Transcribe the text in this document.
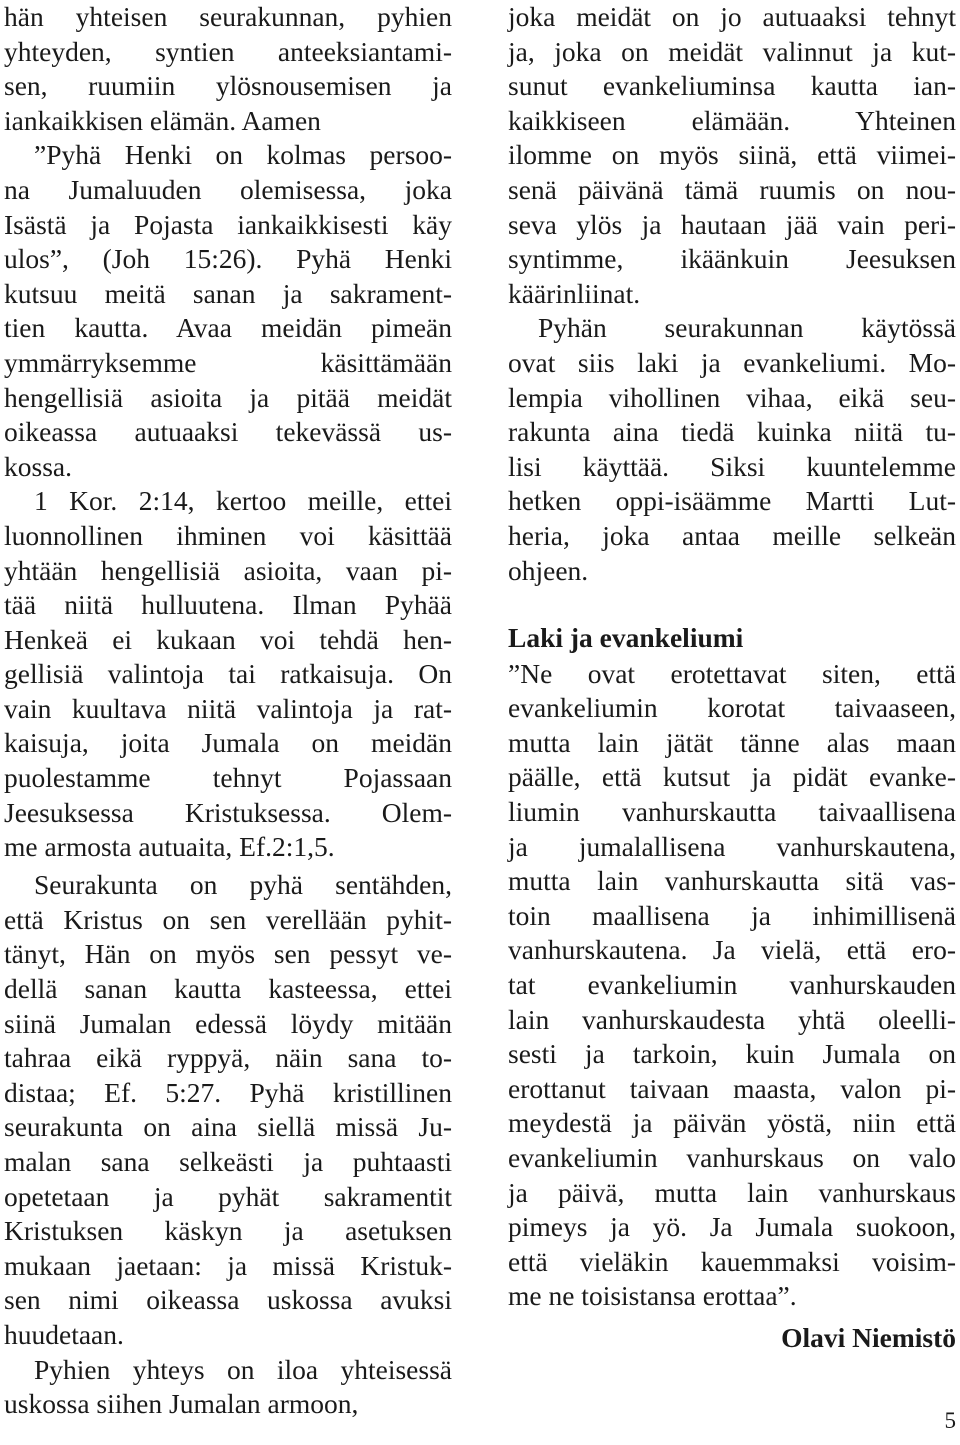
hän yhteisen seurakunnan, pyhien
yhteyden, syntien anteeksiantami-
sen, ruumiin ylösnousemisen ja
iankaikkisen elämän. Aamen
”Pyhä Henki on kolmas persoo-
na Jumaluuden olemisessa, joka
Isästä ja Pojasta iankaikkisesti käy
ulos”, (Joh 15:26). Pyhä Henki
kutsuu meitä sanan ja sakrament-
tien kautta. Avaa meidän pimeän
ymmärryksemme käsittämään
hengellisiä asioita ja pitää meidät
oikeassa autuaaksi tekevässä us-
kossa.
1 Kor. 2:14, kertoo meille, ettei
luonnollinen ihminen voi käsittää
yhtään hengellisiä asioita, vaan pi-
tää niitä hulluutena. Ilman Pyhää
Henkeä ei kukaan voi tehdä hen-
gellisiä valintoja tai ratkaisuja. On
vain kuultava niitä valintoja ja rat-
kaisuja, joita Jumala on meidän
puolestamme tehnyt Pojassaan
Jeesuksessa Kristuksessa. Olem-
me armosta autuaita, Ef.2:1,5.
Seurakunta on pyhä sentähden,
että Kristus on sen verellään pyhit-
tänyt, Hän on myös sen pessyt ve-
dellä sanan kautta kasteessa, ettei
siinä Jumalan edessä löydy mitään
tahraa eikä ryppyä, näin sana to-
distaa; Ef. 5:27. Pyhä kristillinen
seurakunta on aina siellä missä Ju-
malan sana selkeästi ja puhtaasti
opetetaan ja pyhät sakramentit
Kristuksen käskyn ja asetuksen
mukaan jaetaan: ja missä Kristuk-
sen nimi oikeassa uskossa avuksi
huudetaan.
Pyhien yhteys on iloa yhteisessä
uskossa siihen Jumalan armoon,
joka meidät on jo autuaaksi tehnyt
ja, joka on meidät valinnut ja kut-
sunut evankeliuminsa kautta ian-
kaikkiseen elämään. Yhteinen
ilomme on myös siinä, että viimei-
senä päivänä tämä ruumis on nou-
seva ylös ja hautaan jää vain peri-
syntimme, ikäänkuin Jeesuksen
käärinliinat.
Pyhän seurakunnan käytössä
ovat siis laki ja evankeliumi. Mo-
lempia vihollinen vihaa, eikä seu-
rakunta aina tiedä kuinka niitä tu-
lisi käyttää. Siksi kuuntelemme
hetken oppi-isäämme Martti Lut-
heria, joka antaa meille selkeän
ohjeen.
Laki ja evankeliumi
”Ne ovat erotettavat siten, että
evankeliumin korotat taivaaseen,
mutta lain jätät tänne alas maan
päälle, että kutsut ja pidät evanke-
liumin vanhurskautta taivaallisena
ja jumalallisena vanhurskautena,
mutta lain vanhurskautta sitä vas-
toin maallisena ja inhimillisenä
vanhurskautena. Ja vielä, että ero-
tat evankeliumin vanhurskauden
lain vanhurskaudesta yhtä oleelli-
sesti ja tarkoin, kuin Jumala on
erottanut taivaan maasta, valon pi-
meydestä ja päivän yöstä, niin että
evankeliumin vanhurskaus on valo
ja päivä, mutta lain vanhurskaus
pimeys ja yö. Ja Jumala suokoon,
että vieläkin kauemmaksi voisim-
me ne toisistansa erottaa”.
Olavi Niemistö
5
